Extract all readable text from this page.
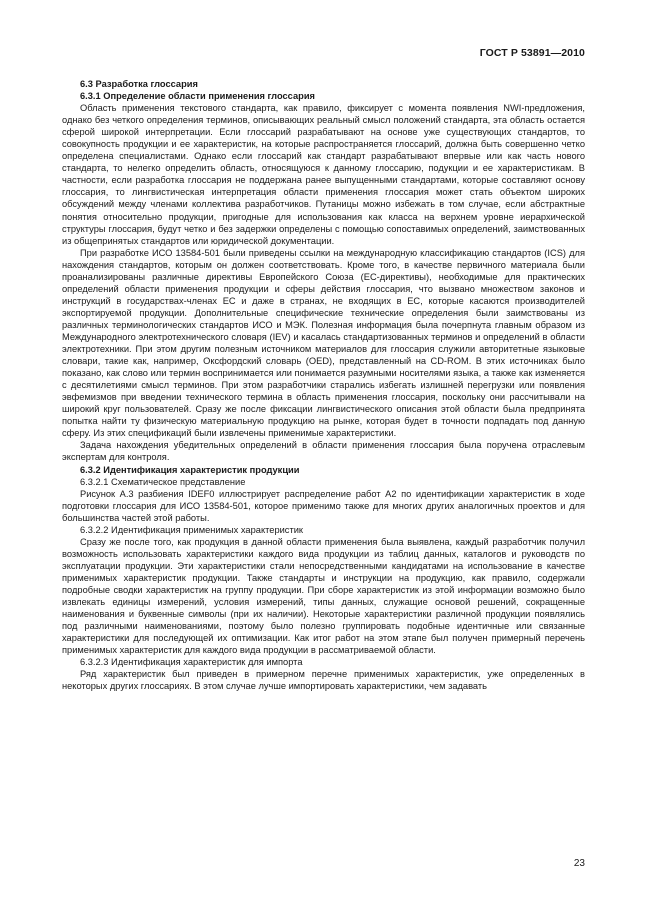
ГОСТ Р 53891—2010
6.3 Разработка глоссария
6.3.1 Определение области применения глоссария

Область применения текстового стандарта, как правило, фиксирует с момента появления NWI-предложения, однако без четкого определения терминов, описывающих реальный смысл положений стандарта, эта область остается сферой широкой интерпретации. Если глоссарий разрабатывают на основе уже существующих стандартов, то совокупность продукции и ее характеристик, на которые распространяется глоссарий, должна быть совершенно четко определена специалистами. Однако если глоссарий как стандарт разрабатывают впервые или как часть нового стандарта, то нелегко определить область, относящуюся к данному глоссарию, подукции и ее характеристикам. В частности, если разработка глоссария не поддержана ранее выпущенными стандартами, которые составляют основу глоссария, то лингвистическая интерпретация области применения глоссария может стать объектом широких обсуждений между членами коллектива разработчиков. Путаницы можно избежать в том случае, если абстрактные понятия относительно продукции, пригодные для использования как класса на верхнем уровне иерархической структуры глоссария, будут четко и без задержки определены с помощью сопоставимых определений, заимствованных из общепринятых стандартов или юридической документации.

При разработке ИСО 13584-501 были приведены ссылки на международную классификацию стандартов (ICS) для нахождения стандартов, которым он должен соответствовать. Кроме того, в качестве первичного материала были проанализированы различные директивы Европейского Союза (ЕС-директивы), необходимые для практических определений области применения продукции и сферы действия глоссария, что вызвано множеством законов и инструкций в государствах-членах ЕС и даже в странах, не входящих в ЕС, которые касаются производителей экспортируемой продукции. Дополнительные специфические технические определения были заимствованы из различных терминологических стандартов ИСО и МЭК. Полезная информация была почерпнута главным образом из Международного электротехнического словаря (IEV) и касалась стандартизованных терминов и определений в области электротехники. При этом другим полезным источником материалов для глоссария служили авторитетные языковые словари, такие как, например, Оксфордский словарь (OED), представленный на CD-ROM. В этих источниках было показано, как слово или термин воспринимается или понимается разумными носителями языка, а также как изменяется с десятилетиями смысл терминов. При этом разработчики старались избегать излишней перегрузки или появления эвфемизмов при введении технического термина в область применения глоссария, поскольку они рассчитывали на широкий круг пользователей. Сразу же после фиксации лингвистического описания этой области была предпринята попытка найти ту физическую материальную продукцию на рынке, которая будет в точности подпадать под данную сферу. Из этих спецификаций были извлечены применимые характеристики.

Задача нахождения убедительных определений в области применения глоссария была поручена отраслевым экспертам для контроля.

6.3.2 Идентификация характеристик продукции
6.3.2.1 Схематическое представление

Рисунок А.3 разбиения IDEF0 иллюстрирует распределение работ А2 по идентификации характеристик в ходе подготовки глоссария для ИСО 13584-501, которое применимо также для многих других аналогичных проектов и для большинства частей этой работы.

6.3.2.2 Идентификация применимых характеристик

Сразу же после того, как продукция в данной области применения была выявлена, каждый разработчик получил возможность использовать характеристики каждого вида продукции из таблиц данных, каталогов и руководств по эксплуатации продукции. Эти характеристики стали непосредственными кандидатами на использование в качестве применимых характеристик продукции. Также стандарты и инструкции на продукцию, как правило, содержали подробные сводки характеристик на группу продукции. При сборе характеристик из этой информации возможно было извлекать единицы измерений, условия измерений, типы данных, служащие основой решений, сокращенные наименования и буквенные символы (при их наличии). Некоторые характеристики различной продукции появлялись под различными наименованиями, поэтому было полезно группировать подобные идентичные или связанные характеристики для последующей их оптимизации. Как итог работ на этом этапе был получен примерный перечень применимых характеристик для каждого вида продукции в рассматриваемой области.

6.3.2.3 Идентификация характеристик для импорта

Ряд характеристик был приведен в примерном перечне применимых характеристик, уже определенных в некоторых других глоссариях. В этом случае лучше импортировать характеристики, чем задавать

23
